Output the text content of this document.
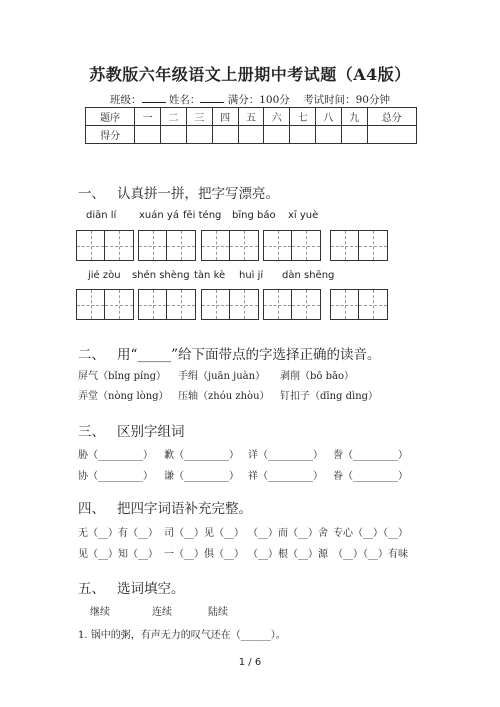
苏教版六年级语文上册期中考试题（A4版）
班级：	姓名：	满分：100分 考试时间：90分钟
题序	一	二	三	四	五	六	七	八	九	总分
得分										
一、 认真拼一拼，把字写漂亮。
diān lí xuán yá fēi téng bīng báo xī yuè
jié zòu shén shèng tàn kè huì jí dàn shēng
二、 用“_____”给下面带点的字选择正确的读音。
屏气（bǐng píng） 手绢（juān juàn） 剥削（bō bāo）
弄堂（nòng lòng） 压轴（zhóu zhòu） 钉扣子（dīng dìng）
三、 区别字组词
胁（_________） 歉（_________） 详（_________） 誊（_________）
协（_________） 谦（_________） 祥（_________） 眷（_________）
四、 把四字词语补充完整。
无（__）有（__） 司（__）见（__） （__）而（__）舍 专心（__）（__）
见（__）知（__） 一（__）俱（__） （__）根（__）源 （__）（__）有味
五、 选词填空。
继续	连续	陆续
1. 锅中的粥，有声无力的叹气还在（______）。
1 / 6
